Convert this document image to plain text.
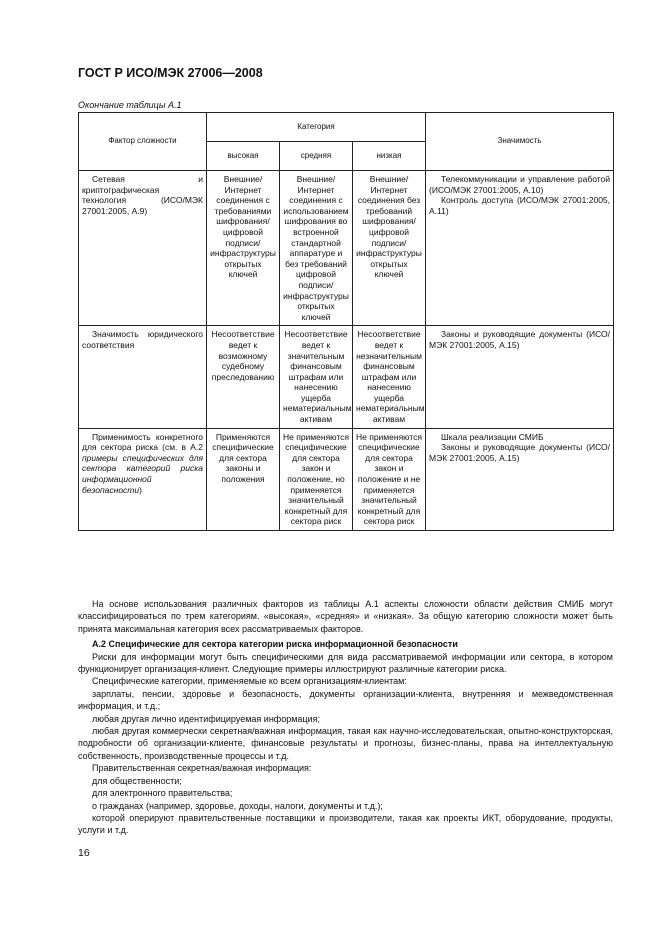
ГОСТ Р ИСО/МЭК 27006—2008
Окончание таблицы А.1
Фактор сложности	Категория			Значимость
	высокая	средняя	низкая	
Сетевая и криптографическая технология (ИСО/МЭК 27001:2005, А.9)	Внешние/ Интернет соединения с требованиями шифрования/ цифровой подписи/инфраструктуры открытых ключей	Внешние/ Интернет соединения с использованием шифрования во встроенной стандартной аппаратуре и без требований цифровой подписи/инфраструктуры открытых ключей	Внешние/ Интернет соединения без требований шифрования/ цифровой подписи/ инфраструктуры открытых ключей	Телекоммуникации и управление работой (ИСО/МЭК 27001:2005, А.10)
Контроль доступа (ИСО/МЭК 27001:2005, А.11)

Значимость юридического соответствия	Несоответствие ведет к возможному судебному преследованию	Несоответствие ведет к значительным финансовым штрафам или нанесению ущерба нематериальным активам	Несоответствие ведет к незначительным финансовым штрафам или нанесению ущерба нематериальным активам	Законы и руководящие документы (ИСО/МЭК 27001:2005, А.15)

Применимость конкретного для сектора риска (см. в А.2 примеры специфических для сектора категорий риска информационной безопасности)	Применяются специфические для сектора законы и положения	Не применяются специфические для сектора закон и положение, но применяется значительный конкретный для сектора риск	Не применяются специфические для сектора закон и положение и не применяется значительный конкретный для сектора риск	Шкала реализации СМИБ
Законы и руководящие документы (ИСО/МЭК 27001:2005, А.15)

На основе использования различных факторов из таблицы А.1 аспекты сложности области действия СМИБ могут классифицироваться по трем категориям. «высокая», «средняя» и «низкая». За общую категорию сложности может быть принята максимальная категория всех рассматриваемых факторов.

А.2 Специфические для сектора категории риска информационной безопасности

Риски для информации могут быть специфическими для вида рассматриваемой информации или сектора, в котором функционирует организация-клиент. Следующие примеры иллюстрируют различные категории риска.

Специфические категории, применяемые ко всем организациям-клиентам:

зарплаты, пенсии, здоровье и безопасность, документы организации-клиента, внутренняя и межведомственная информация, и т.д.;

любая другая лично идентифицируемая информация;

любая другая коммерчески секретная/важная информация, такая как научно-исследовательская, опытно-конструкторская, подробности об организации-клиенте, финансовые результаты и прогнозы, бизнес-планы, права на интеллектуальную собственность, производственные процессы и т.д.

Правительственная секретная/важная информация:

для общественности;

для электронного правительства;

о гражданах (например, здоровье, доходы, налоги, документы и т.д.);

которой оперируют правительственные поставщики и производители, такая как проекты ИКТ, оборудование, продукты, услуги и т.д.

16
